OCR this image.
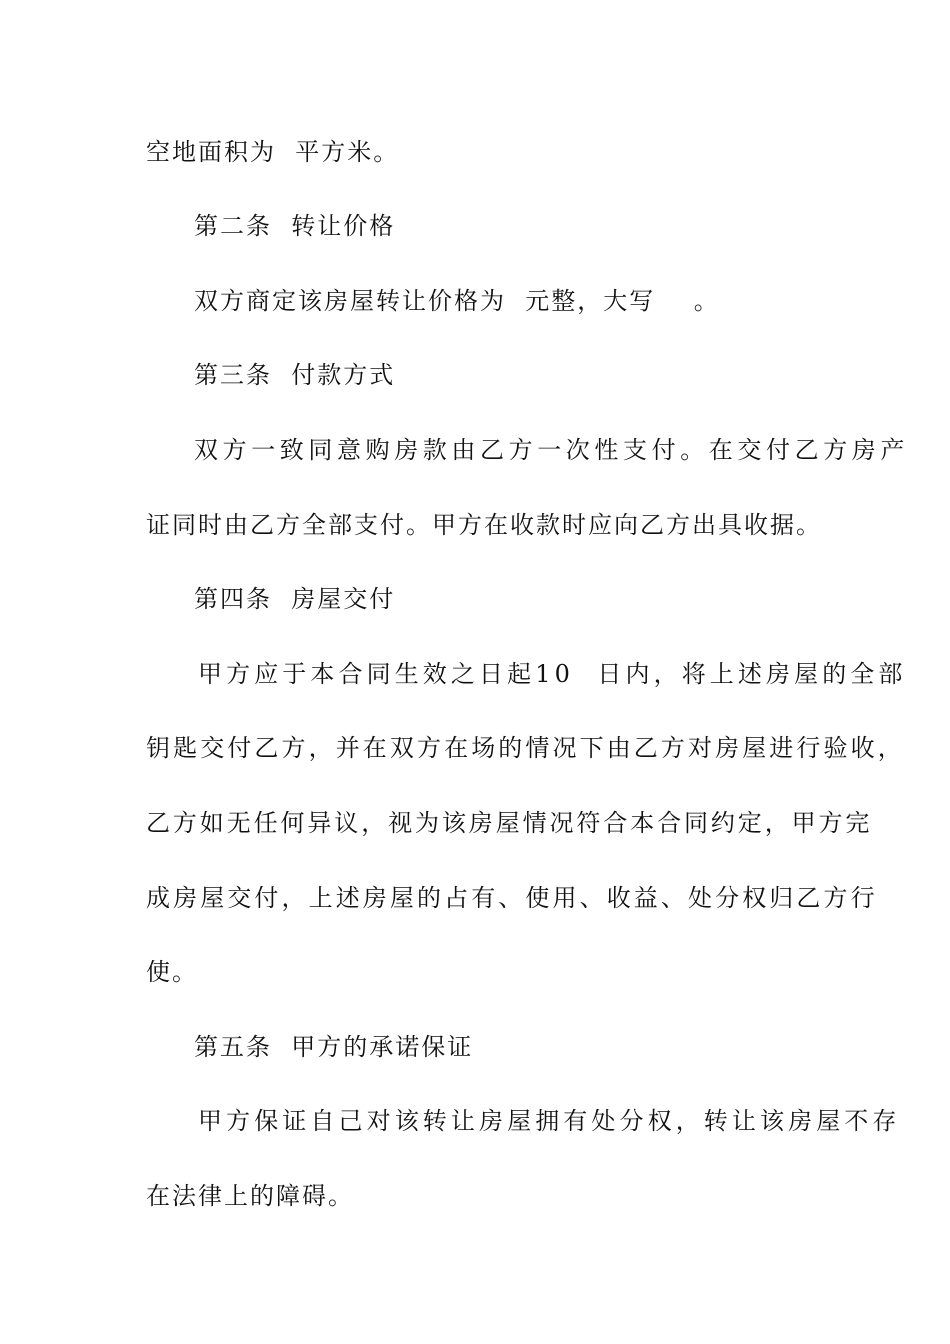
空地面积为  平方米。
第二条  转让价格
双方商定该房屋转让价格为  元整，大写    。
第三条  付款方式
双方一致同意购房款由乙方一次性支付。在交付乙方房产
证同时由乙方全部支付。甲方在收款时应向乙方出具收据。
第四条  房屋交付
甲方应于本合同生效之日起10  日内，将上述房屋的全部
钥匙交付乙方，并在双方在场的情况下由乙方对房屋进行验收，
乙方如无任何异议，视为该房屋情况符合本合同约定，甲方完
成房屋交付，上述房屋的占有、使用、收益、处分权归乙方行
使。
第五条  甲方的承诺保证
甲方保证自己对该转让房屋拥有处分权，转让该房屋不存
在法律上的障碍。
